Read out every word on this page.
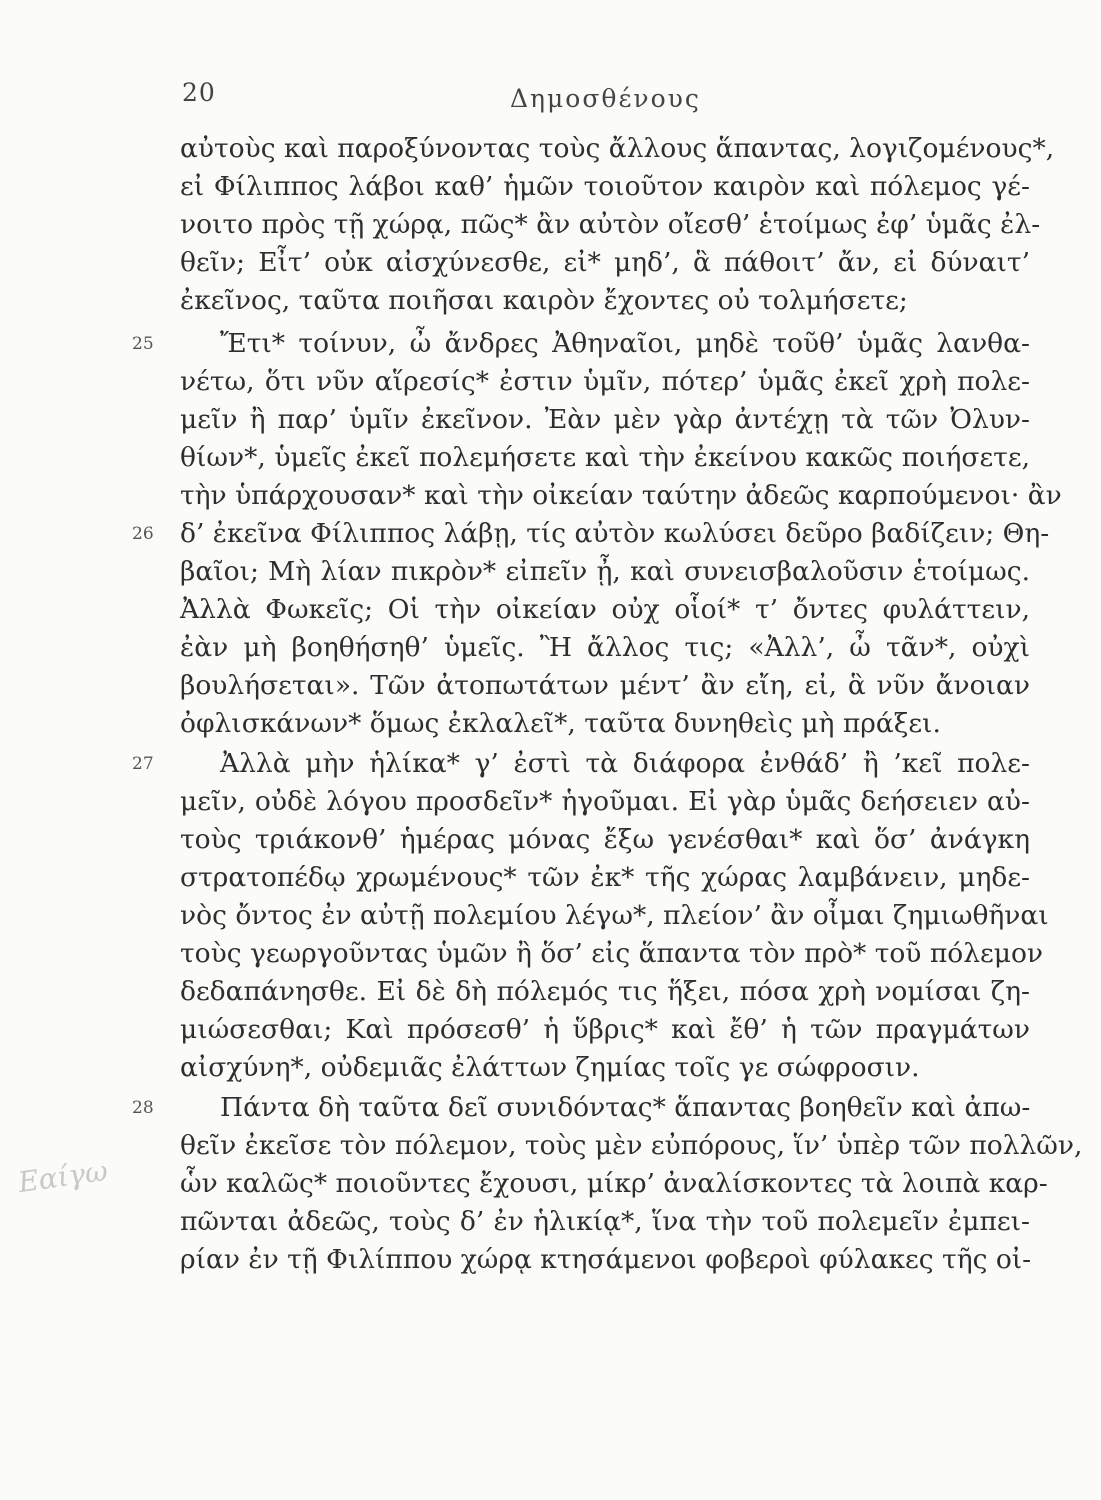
20	Δημοσθένους
Εαίγω
αὐτοὺς καὶ παροξύνοντας τοὺς ἄλλους ἅπαντας, λογιζομένους*,
εἰ Φίλιππος λάβοι καθ’ ἡμῶν τοιοῦτον καιρὸν καὶ πόλεμος γέ-
νοιτο πρὸς τῇ χώρᾳ, πῶς* ἂν αὐτὸν οἴεσθ’ ἑτοίμως ἐφ’ ὑμᾶς ἐλ-
θεῖν; Εἶτ’ οὐκ αἰσχύνεσθε, εἰ* μηδ’, ἃ πάθοιτ’ ἄν, εἰ δύναιτ’
ἐκεῖνος, ταῦτα ποιῆσαι καιρὸν ἔχοντες οὐ τολμήσετε;
25	Ἔτι* τοίνυν, ὦ ἄνδρες Ἀθηναῖοι, μηδὲ τοῦθ’ ὑμᾶς λανθα-
νέτω, ὅτι νῦν αἵρεσίς* ἐστιν ὑμῖν, πότερ’ ὑμᾶς ἐκεῖ χρὴ πολε-
μεῖν ἢ παρ’ ὑμῖν ἐκεῖνον. Ἐὰν μὲν γὰρ ἀντέχῃ τὰ τῶν Ὀλυν-
θίων*, ὑμεῖς ἐκεῖ πολεμήσετε καὶ τὴν ἐκείνου κακῶς ποιήσετε,
τὴν ὑπάρχουσαν* καὶ τὴν οἰκείαν ταύτην ἀδεῶς καρπούμενοι· ἂν
26 δ’ ἐκεῖνα Φίλιππος λάβῃ, τίς αὐτὸν κωλύσει δεῦρο βαδίζειν; Θη-
βαῖοι; Μὴ λίαν πικρὸν* εἰπεῖν ᾖ, καὶ συνεισβαλοῦσιν ἑτοίμως.
Ἀλλὰ Φωκεῖς; Οἱ τὴν οἰκείαν οὐχ οἷοί* τ’ ὄντες φυλάττειν,
ἐὰν μὴ βοηθήσηθ’ ὑμεῖς. Ἢ ἄλλος τις; «Ἀλλ’, ὦ τᾶν*, οὐχὶ
βουλήσεται». Τῶν ἀτοπωτάτων μέντ’ ἂν εἴη, εἰ, ἃ νῦν ἄνοιαν
ὀφλισκάνων* ὅμως ἐκλαλεῖ*, ταῦτα δυνηθεὶς μὴ πράξει.
27	Ἀλλὰ μὴν ἡλίκα* γ’ ἐστὶ τὰ διάφορα ἐνθάδ’ ἢ ’κεῖ πολε-
μεῖν, οὐδὲ λόγου προσδεῖν* ἡγοῦμαι. Εἰ γὰρ ὑμᾶς δεήσειεν αὐ-
τοὺς τριάκονθ’ ἡμέρας μόνας ἔξω γενέσθαι* καὶ ὅσ’ ἀνάγκη
στρατοπέδῳ χρωμένους* τῶν ἐκ* τῆς χώρας λαμβάνειν, μηδε-
νὸς ὄντος ἐν αὐτῇ πολεμίου λέγω*, πλείον’ ἂν οἶμαι ζημιωθῆναι
τοὺς γεωργοῦντας ὑμῶν ἢ ὅσ’ εἰς ἅπαντα τὸν πρὸ* τοῦ πόλεμον
δεδαπάνησθε. Εἰ δὲ δὴ πόλεμός τις ἥξει, πόσα χρὴ νομίσαι ζη-
μιώσεσθαι; Καὶ πρόσεσθ’ ἡ ὕβρις* καὶ ἔθ’ ἡ τῶν πραγμάτων
αἰσχύνη*, οὐδεμιᾶς ἐλάττων ζημίας τοῖς γε σώφροσιν.
28	Πάντα δὴ ταῦτα δεῖ συνιδόντας* ἅπαντας βοηθεῖν καὶ ἀπω-
θεῖν ἐκεῖσε τὸν πόλεμον, τοὺς μὲν εὐπόρους, ἵν’ ὑπὲρ τῶν πολλῶν,
ὧν καλῶς* ποιοῦντες ἔχουσι, μίκρ’ ἀναλίσκοντες τὰ λοιπὰ καρ-
πῶνται ἀδεῶς, τοὺς δ’ ἐν ἡλικίᾳ*, ἵνα τὴν τοῦ πολεμεῖν ἐμπει-
ρίαν ἐν τῇ Φιλίππου χώρᾳ κτησάμενοι φοβεροὶ φύλακες τῆς οἰ-
